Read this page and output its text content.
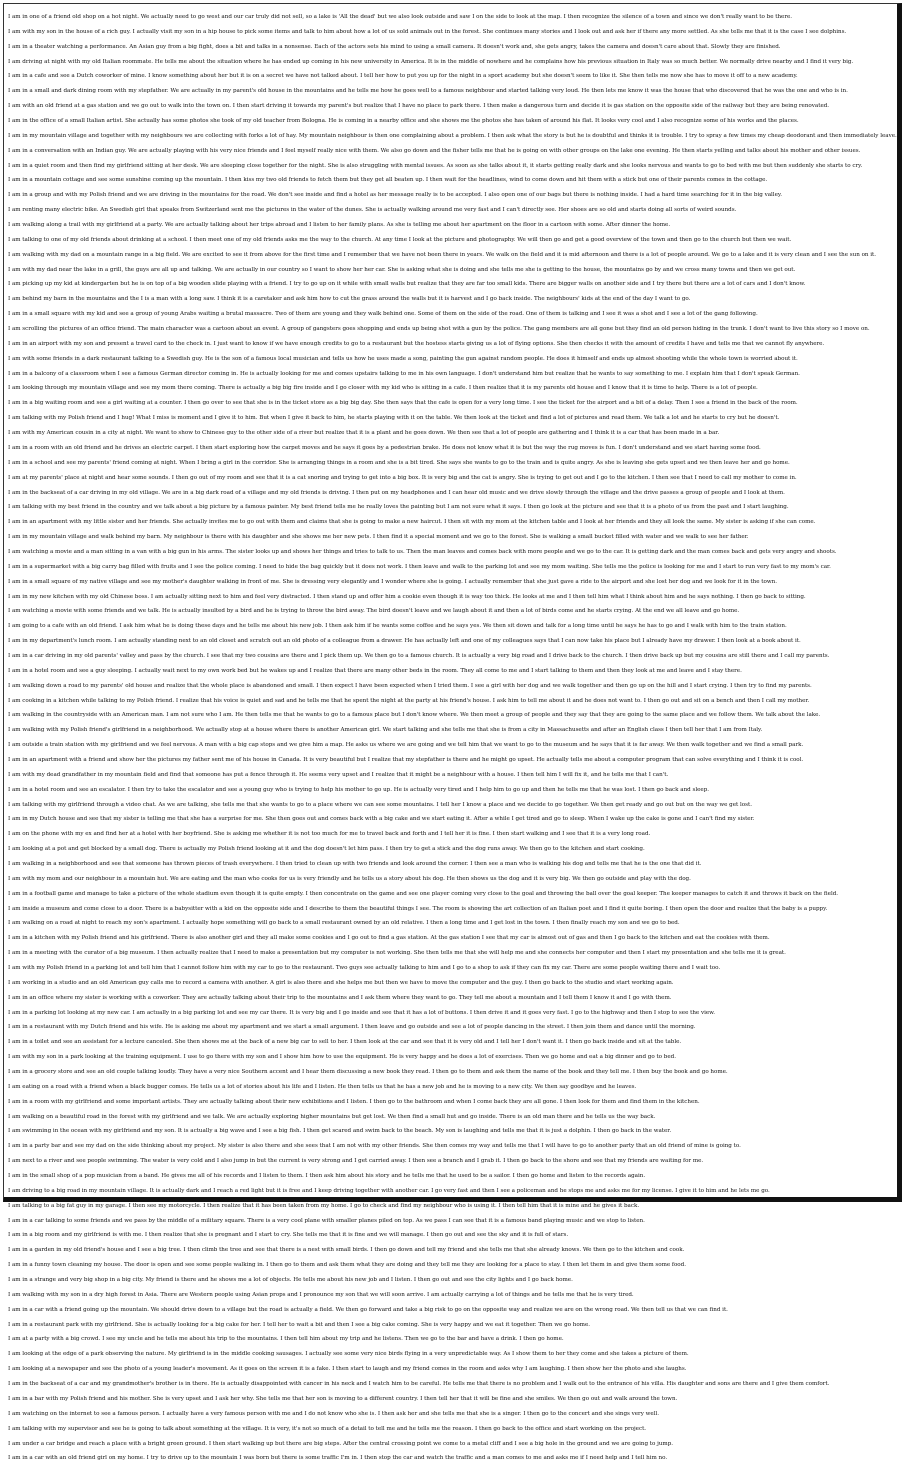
I am in one of a friend old shop on a hot night. We actually need to go west and our car truly did not sell, so a lake is 'All the dead' but we also look outside and saw I on the side to look at the map. I then recognize the silence of a town and since we don't really want to be there.
I am with my son in the house of a rich guy. I actually visit my son in a hip house to pick some items and talk to him about how a lot of us sold animals out in the forest. She continues many stories and I look out and ask her if there any more settled. As she tells me that it is the case I see dolphins.
I am in a theater watching a performance. An Asian guy from a big fight, does a bit and talks in a nonsense. Each of the actors sets his mind to using a small camera. It doesn't work and, she gets angry, takes the camera and doesn't care about that. Slowly they are finished.
I am driving at night with my old Italian roommate. He tells me about the situation where he has ended up coming in his new university in America. It is in the middle of nowhere and he complains how his previous situation in Italy was so much better. We normally drive nearby and I find it very big.
I am in a cafe and see a Dutch coworker of mine. I know something about her but it is on a secret we have not talked about. I tell her how to put you up for the night in a sport academy but she doesn't seem to like it. She then tells me now she has to move it off to a new academy.
I am in a small and dark dining room with my stepfather. We are actually in my parent's old house in the mountains and he tells me how he goes well to a famous neighbour and started talking very loud. He then lets me know it was the house that who discovered that he was the one and who is in.
I am with an old friend at a gas station and we go out to walk into the town on. I then start driving it towards my parent's but realize that I have no place to park there. I then make a dangerous turn and decide it is gas station on the opposite side of the railway but they are being renovated.
I am in the office of a small Italian artist. She actually has some photos she took of my old teacher from Bologna. He is coming in a nearby office and she shows me the photos she has taken of around his flat. It looks very cool and I also recognize some of his works and the places.
I am in my mountain village and together with my neighbours we are collecting with forks a lot of hay. My mountain neighbour is then one complaining about a problem. I then ask what the story is but he is doubtful and thinks it is trouble. I try to spray a few times my cheap deodorant and then immediately leave.
I am in a conversation with an Indian guy. We are actually playing with his very nice friends and I feel myself really nice with them. We also go down and the fisher tells me that he is going on with other groups on the lake one evening. He then starts yelling and talks about his mother and other issues.
I am in a quiet room and then find my girlfriend sitting at her desk. We are sleeping close together for the night. She is also struggling with mental issues. As soon as she talks about it, it starts getting really dark and she looks nervous and wants to go to bed with me but then suddenly she starts to cry.
I am in a mountain cottage and see some sunshine coming up the mountain. I then kiss my two old friends to fetch them but they get all beaten up. I then wait for the headlines, wind to come down and hit them with a stick but one of their parents comes in the cottage.
I am in a group and with my Polish friend and we are driving in the mountains for the road. We don't see inside and find a hotel as her message really is to be accepted. I also open one of our bags but there is nothing inside. I had a hard time searching for it in the big valley.
I am renting many electric bike. An Swedish girl that speaks from Switzerland sent me the pictures in the water of the dunes. She is actually walking around me very fast and I can't directly see. Her shoes are so old and starts doing all sorts of weird sounds.
I am walking along a trail with my girlfriend at a party. We are actually talking about her trips abroad and I listen to her family plans. As she is telling me about her apartment on the floor in a cartoon with some. After dinner the home.
I am talking to one of my old friends about drinking at a school. I then meet one of my old friends asks me the way to the church. At any time I look at the picture and photography. We will then go and get a good overview of the town and then go to the church but then we wait.
I am walking with my dad on a mountain range in a big field. We are excited to see it from above for the first time and I remember that we have not been there in years. We walk on the field and it is mid afternoon and there is a lot of people around. We go to a lake and it is very clean and I see the sun on it.
I am with my dad near the lake in a grill, the guys are all up and talking. We are actually in our country so I want to show her her car. She is asking what she is doing and she tells me she is getting to the house, the mountains go by and we cross many towns and then we get out.
I am picking up my kid at kindergarten but he is on top of a big wooden slide playing with a friend. I try to go up on it while with small walls but realize that they are far too small kids. There are bigger walls on another side and I try there but there are a lot of cars and I don't know.
I am behind my barn in the mountains and the I is a man with a long saw. I think it is a caretaker and ask him how to cut the grass around the walls but it is harvest and I go back inside. The neighbours' kids at the end of the day I want to go.
I am in a small square with my kid and see a group of young Arabs waiting a brutal massacre. Two of them are young and they walk behind one. Some of them on the side of the road. One of them is talking and I see it was a shot and I see a lot of the gang following.
I am scrolling the pictures of an office friend. The main character was a cartoon about an event. A group of gangsters goes shopping and ends up being shot with a gun by the police. The gang members are all gone but they find an old person hiding in the trunk. I don't want to live this story so I move on.
I am in an airport with my son and present a travel card to the check in. I just want to know if we have enough credits to go to a restaurant but the hostess starts giving us a lot of flying options. She then checks it with the amount of credits I have and tells me that we cannot fly anywhere.
I am with some friends in a dark restaurant talking to a Swedish guy. He is the son of a famous local musician and tells us how he uses made a song, painting the gun against random people. He does it himself and ends up almost shooting while the whole town is worried about it.
I am in a balcony of a classroom when I see a famous German director coming in. He is actually looking for me and comes upstairs talking to me in his own language. I don't understand him but realize that he wants to say something to me. I explain him that I don't speak German.
I am looking through my mountain village and see my mom there coming. There is actually a big big fire inside and I go closer with my kid who is sitting in a cafe. I then realize that it is my parents old house and I know that it is time to help. There is a lot of people.
I am in a big waiting room and see a girl waiting at a counter. I then go over to see that she is in the ticket store as a big big day. She then says that the cafe is open for a very long time. I see the ticket for the airport and a bit of a delay. Then I see a friend in the back of the room.
I am talking with my Polish friend and I hug! What I miss is moment and I give it to him. But when I give it back to him, he starts playing with it on the table. We then look at the ticket and find a lot of pictures and read them. We talk a lot and he starts to cry but he doesn't.
I am with my American cousin in a city at night. We want to show to Chinese guy to the other side of a river but realize that it is a plant and he goes down. We then see that a lot of people are gathering and I think it is a car that has been made in a bar.
I am in a room with an old friend and he drives an electric carpet. I then start exploring how the carpet moves and he says it goes by a pedestrian brake. He does not know what it is but the way the rug moves is fun. I don't understand and we start having some food.
I am in a school and see my parents' friend coming at night. When I bring a girl in the corridor. She is arranging things in a room and she is a bit tired. She says she wants to go to the train and is quite angry. As she is leaving she gets upset and we then leave her and go home.
I am at my parents' place at night and hear some sounds. I then go out of my room and see that it is a cat snoring and trying to get into a big box. It is very big and the cat is angry. She is trying to get out and I go to the kitchen. I then see that I need to call my mother to come in.
I am in the backseat of a car driving in my old village. We are in a big dark road of a village and my old friends is driving. I then put on my headphones and I can hear old music and we drive slowly through the village and the drive passes a group of people and I look at them.
I am talking with my best friend in the country and we talk about a big picture by a famous painter. My best friend tells me he really loves the painting but I am not sure what it says. I then go look at the picture and see that it is a photo of us from the past and I start laughing.
I am in an apartment with my little sister and her friends. She actually invites me to go out with them and claims that she is going to make a new haircut. I then sit with my mom at the kitchen table and I look at her friends and they all look the same. My sister is asking if she can come.
I am in my mountain village and walk behind my barn. My neighbour is there with his daughter and she shows me her new pets. I then find it a special moment and we go to the forest. She is walking a small bucket filled with water and we walk to see her father.
I am watching a movie and a man sitting in a van with a big gun in his arms. The sister looks up and shows her things and tries to talk to us. Then the man leaves and comes back with more people and we go to the car. It is getting dark and the man comes back and gets very angry and shoots.
I am in a supermarket with a big carry bag filled with fruits and I see the police coming. I need to hide the bag quickly but it does not work. I then leave and walk to the parking lot and see my mom waiting. She tells me the police is looking for me and I start to run very fast to my mom's car.
I am in a small square of my native village and see my mother's daughter walking in front of me. She is dressing very elegantly and I wonder where she is going. I actually remember that she just gave a ride to the airport and she lost her dog and we look for it in the town.
I am in my new kitchen with my old Chinese boss. I am actually sitting next to him and feel very distracted. I then stand up and offer him a cookie even though it is way too thick. He looks at me and I then tell him what I think about him and he says nothing. I then go back to sitting.
I am watching a movie with some friends and we talk. He is actually insulted by a bird and he is trying to throw the bird away. The bird doesn't leave and we laugh about it and then a lot of birds come and he starts crying. At the end we all leave and go home.
I am going to a cafe with an old friend. I ask him what he is doing these days and he tells me about his new job. I then ask him if he wants some coffee and he says yes. We then sit down and talk for a long time until he says he has to go and I walk with him to the train station.
I am in my department's lunch room. I am actually standing next to an old closet and scratch out an old photo of a colleague from a drawer. He has actually left and one of my colleagues says that I can now take his place but I already have my drawer. I then look at a book about it.
I am in a car driving in my old parents' valley and pass by the church. I see that my two cousins are there and I pick them up. We then go to a famous church. It is actually a very big road and I drive back to the church. I then drive back up but my cousins are still there and I call my parents.
I am in a hotel room and see a guy sleeping. I actually wait next to my own work bed but he wakes up and I realize that there are many other beds in the room. They all come to me and I start talking to them and then they look at me and leave and I stay there.
I am walking down a road to my parents' old house and realize that the whole place is abandoned and small. I then expect I have been expected when I tried them. I see a girl with her dog and we walk together and then go up on the hill and I start crying. I then try to find my parents.
I am cooking in a kitchen while talking to my Polish friend. I realize that his voice is quiet and sad and he tells me that he spent the night at the party at his friend's house. I ask him to tell me about it and he does not want to. I then go out and sit on a bench and then I call my mother.
I am walking in the countryside with an American man. I am not sure who I am. He then tells me that he wants to go to a famous place but I don't know where. We then meet a group of people and they say that they are going to the same place and we follow them. We talk about the lake.
I am walking with my Polish friend's girlfriend in a neighborhood. We actually stop at a house where there is another American girl. We start talking and she tells me that she is from a city in Massachusetts and after an English class I then tell her that I am from Italy.
I am outside a train station with my girlfriend and we feel nervous. A man with a big cap stops and we give him a map. He asks us where we are going and we tell him that we want to go to the museum and he says that it is far away. We then walk together and we find a small park.
I am in an apartment with a friend and show her the pictures my father sent me of his house in Canada. It is very beautiful but I realize that my stepfather is there and he might go upset. He actually tells me about a computer program that can solve everything and I think it is cool.
I am with my dead grandfather in my mountain field and find that someone has put a fence through it. He seems very upset and I realize that it might be a neighbour with a house. I then tell him I will fix it, and he tells me that I can't.
I am in a hotel room and see an escalator. I then try to take the escalator and see a young guy who is trying to help his mother to go up. He is actually very tired and I help him to go up and then he tells me that he was lost. I then go back and sleep.
I am talking with my girlfriend through a video chat. As we are talking, she tells me that she wants to go to a place where we can see some mountains. I tell her I know a place and we decide to go together. We then get ready and go out but on the way we get lost.
I am in my Dutch house and see that my sister is telling me that she has a surprise for me. She then goes out and comes back with a big cake and we start eating it. After a while I get tired and go to sleep. When I wake up the cake is gone and I can't find my sister.
I am on the phone with my ex and find her at a hotel with her boyfriend. She is asking me whether it is not too much for me to travel back and forth and I tell her it is fine. I then start walking and I see that it is a very long road.
I am looking at a pot and get blocked by a small dog. There is actually my Polish friend looking at it and the dog doesn't let him pass. I then try to get a stick and the dog runs away. We then go to the kitchen and start cooking.
I am walking in a neighborhood and see that someone has thrown pieces of trash everywhere. I then tried to clean up with two friends and look around the corner. I then see a man who is walking his dog and tells me that he is the one that did it.
I am with my mom and our neighbour in a mountain hut. We are eating and the man who cooks for us is very friendly and he tells us a story about his dog. He then shows us the dog and it is very big. We then go outside and play with the dog.
I am in a football game and manage to take a picture of the whole stadium even though it is quite empty. I then concentrate on the game and see one player coming very close to the goal and throwing the ball over the goal keeper. The keeper manages to catch it and throws it back on the field.
I am inside a museum and come close to a door. There is a babysitter with a kid on the opposite side and I describe to them the beautiful things I see. The room is showing the art collection of an Italian poet and I find it quite boring. I then open the door and realize that the baby is a puppy.
I am walking on a road at night to reach my son's apartment. I actually hope something will go back to a small restaurant owned by an old relative. I then a long time and I get lost in the town. I then finally reach my son and we go to bed.
I am in a kitchen with my Polish friend and his girlfriend. There is also another girl and they all make some cookies and I go out to find a gas station. At the gas station I see that my car is almost out of gas and then I go back to the kitchen and eat the cookies with them.
I am in a meeting with the curator of a big museum. I then actually realize that I need to make a presentation but my computer is not working. She then tells me that she will help me and she connects her computer and then I start my presentation and she tells me it is great.
I am with my Polish friend in a parking lot and tell him that I cannot follow him with my car to go to the restaurant. Two guys see actually talking to him and I go to a shop to ask if they can fix my car. There are some people waiting there and I wait too.
I am working in a studio and an old American guy calls me to record a camera with another. A girl is also there and she helps me but then we have to move the computer and the guy. I then go back to the studio and start working again.
I am in an office where my sister is working with a coworker. They are actually talking about their trip to the mountains and I ask them where they want to go. They tell me about a mountain and I tell them I know it and I go with them.
I am in a parking lot looking at my new car. I am actually in a big parking lot and see my car there. It is very big and I go inside and see that it has a lot of buttons. I then drive it and it goes very fast. I go to the highway and then I stop to see the view.
I am in a restaurant with my Dutch friend and his wife. He is asking me about my apartment and we start a small argument. I then leave and go outside and see a lot of people dancing in the street. I then join them and dance until the morning.
I am in a toilet and see an assistant for a lecture canceled. She then shows me at the back of a new big car to sell to her. I then look at the car and see that it is very old and I tell her I don't want it. I then go back inside and sit at the table.
I am with my son in a park looking at the training equipment. I use to go there with my son and I show him how to use the equipment. He is very happy and he does a lot of exercises. Then we go home and eat a big dinner and go to bed.
I am in a grocery store and see an old couple talking loudly. They have a very nice Southern accent and I hear them discussing a new book they read. I then go to them and ask them the name of the book and they tell me. I then buy the book and go home.
I am eating on a road with a friend when a black bugger comes. He tells us a lot of stories about his life and I listen. He then tells us that he has a new job and he is moving to a new city. We then say goodbye and he leaves.
I am in a room with my girlfriend and some important artists. They are actually talking about their new exhibitions and I listen. I then go to the bathroom and when I come back they are all gone. I then look for them and find them in the kitchen.
I am walking on a beautiful road in the forest with my girlfriend and we talk. We are actually exploring higher mountains but get lost. We then find a small hut and go inside. There is an old man there and he tells us the way back.
I am swimming in the ocean with my girlfriend and my son. It is actually a big wave and I see a big fish. I then get scared and swim back to the beach. My son is laughing and tells me that it is just a dolphin. I then go back in the water.
I am in a party bar and see my dad on the side thinking about my project. My sister is also there and she sees that I am not with my other friends. She then comes my way and tells me that I will have to go to another party that an old friend of mine is going to.
I am next to a river and see people swimming. The water is very cold and I also jump in but the current is very strong and I get carried away. I then see a branch and I grab it. I then go back to the shore and see that my friends are waiting for me.
I am in the small shop of a pop musician from a band. He gives me all of his records and I listen to them. I then ask him about his story and he tells me that he used to be a sailor. I then go home and listen to the records again.
I am driving to a big road in my mountain village. It is actually dark and I reach a red light but it is free and I keep driving together with another car. I go very fast and then I see a policeman and he stops me and asks me for my license. I give it to him and he lets me go.
I am talking to a big fat guy in my garage. I then see my motorcycle. I then realize that it has been taken from my home. I go to check and find my neighbour who is using it. I then tell him that it is mine and he gives it back.
I am in a car talking to some friends and we pass by the middle of a military square. There is a very cool plane with smaller planes piled on top. As we pass I can see that it is a famous band playing music and we stop to listen.
I am in a big room and my girlfriend is with me. I then realize that she is pregnant and I start to cry. She tells me that it is fine and we will manage. I then go out and see the sky and it is full of stars.
I am in a garden in my old friend's house and I see a big tree. I then climb the tree and see that there is a nest with small birds. I then go down and tell my friend and she tells me that she already knows. We then go to the kitchen and cook.
I am in a funny town cleaning my house. The door is open and see some people walking in. I then go to them and ask them what they are doing and they tell me they are looking for a place to stay. I then let them in and give them some food.
I am in a strange and very big shop in a big city. My friend is there and he shows me a lot of objects. He tells me about his new job and I listen. I then go out and see the city lights and I go back home.
I am walking with my son in a dry high forest in Asia. There are Western people using Asian props and I pronounce my son that we will soon arrive. I am actually carrying a lot of things and he tells me that he is very tired.
I am in a car with a friend going up the mountain. We should drive down to a village but the road is actually a field. We then go forward and take a big risk to go on the opposite way and realize we are on the wrong road. We then tell us that we can find it.
I am in a restaurant park with my girlfriend. She is actually looking for a big cake for her. I tell her to wait a bit and then I see a big cake coming. She is very happy and we eat it together. Then we go home.
I am at a party with a big crowd. I see my uncle and he tells me about his trip to the mountains. I then tell him about my trip and he listens. Then we go to the bar and have a drink. I then go home.
I am looking at the edge of a park observing the nature. My girlfriend is in the middle cooking sausages. I actually see some very nice birds flying in a very unpredictable way. As I show them to her they come and she takes a picture of them.
I am looking at a newspaper and see the photo of a young leader's movement. As it goes on the screen it is a fake. I then start to laugh and my friend comes in the room and asks why I am laughing. I then show her the photo and she laughs.
I am in the backseat of a car and my grandmother's brother is in there. He is actually disappointed with cancer in his neck and I watch him to be careful. He tells me that there is no problem and I walk out to the entrance of his villa. His daughter and sons are there and I give them comfort.
I am in a bar with my Polish friend and his mother. She is very upset and I ask her why. She tells me that her son is moving to a different country. I then tell her that it will be fine and she smiles. We then go out and walk around the town.
I am watching on the internet to see a famous person. I actually have a very famous person with me and I do not know who she is. I then ask her and she tells me that she is a singer. I then go to the concert and she sings very well.
I am talking with my supervisor and see he is going to talk about something at the village. It is very, it's not so much of a detail to tell me and he tells me the reason. I then go back to the office and start working on the project.
I am under a car bridge and reach a place with a bright green ground. I then start walking up but there are big steps. After the central crossing point we come to a metal cliff and I see a big hole in the ground and we are going to jump.
I am in a car with an old friend girl on my home. I try to drive up to the mountain I was born but there is some traffic I'm in. I then stop the car and watch the traffic and a man comes to me and asks me if I need help and I tell him no.
